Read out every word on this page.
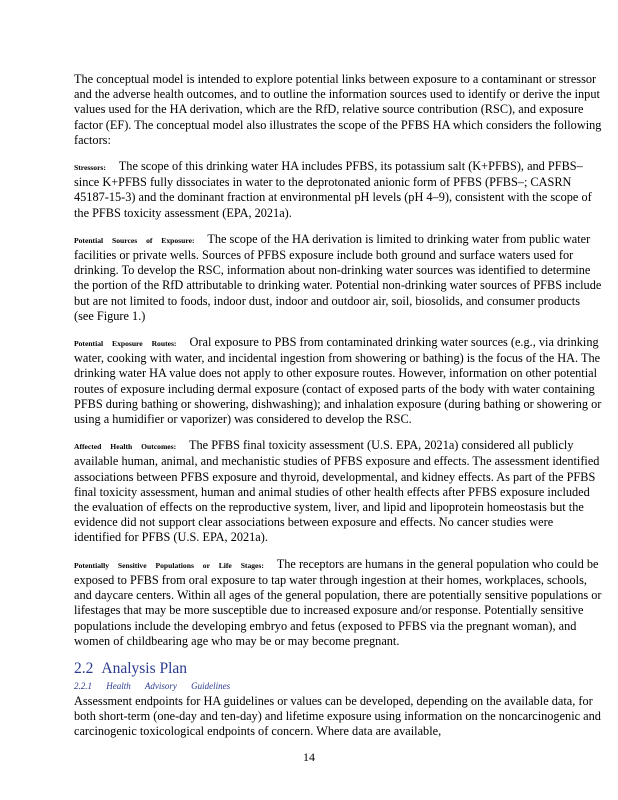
The conceptual model is intended to explore potential links between exposure to a contaminant or stressor and the adverse health outcomes, and to outline the information sources used to identify or derive the input values used for the HA derivation, which are the RfD, relative source contribution (RSC), and exposure factor (EF). The conceptual model also illustrates the scope of the PFBS HA which considers the following factors:

Stressors: The scope of this drinking water HA includes PFBS, its potassium salt (K+PFBS), and PFBS– since K+PFBS fully dissociates in water to the deprotonated anionic form of PFBS (PFBS–; CASRN 45187-15-3) and the dominant fraction at environmental pH levels (pH 4–9), consistent with the scope of the PFBS toxicity assessment (EPA, 2021a).

Potential Sources of Exposure: The scope of the HA derivation is limited to drinking water from public water facilities or private wells. Sources of PFBS exposure include both ground and surface waters used for drinking. To develop the RSC, information about non-drinking water sources was identified to determine the portion of the RfD attributable to drinking water. Potential non-drinking water sources of PFBS include but are not limited to foods, indoor dust, indoor and outdoor air, soil, biosolids, and consumer products (see Figure 1.)

Potential Exposure Routes: Oral exposure to PBS from contaminated drinking water sources (e.g., via drinking water, cooking with water, and incidental ingestion from showering or bathing) is the focus of the HA. The drinking water HA value does not apply to other exposure routes. However, information on other potential routes of exposure including dermal exposure (contact of exposed parts of the body with water containing PFBS during bathing or showering, dishwashing); and inhalation exposure (during bathing or showering or using a humidifier or vaporizer) was considered to develop the RSC.

Affected Health Outcomes: The PFBS final toxicity assessment (U.S. EPA, 2021a) considered all publicly available human, animal, and mechanistic studies of PFBS exposure and effects. The assessment identified associations between PFBS exposure and thyroid, developmental, and kidney effects. As part of the PFBS final toxicity assessment, human and animal studies of other health effects after PFBS exposure included the evaluation of effects on the reproductive system, liver, and lipid and lipoprotein homeostasis but the evidence did not support clear associations between exposure and effects. No cancer studies were identified for PFBS (U.S. EPA, 2021a).

Potentially Sensitive Populations or Life Stages: The receptors are humans in the general population who could be exposed to PFBS from oral exposure to tap water through ingestion at their homes, workplaces, schools, and daycare centers. Within all ages of the general population, there are potentially sensitive populations or lifestages that may be more susceptible due to increased exposure and/or response. Potentially sensitive populations include the developing embryo and fetus (exposed to PFBS via the pregnant woman), and women of childbearing age who may be or may become pregnant.

2.2 Analysis Plan
2.2.1 Health Advisory Guidelines

Assessment endpoints for HA guidelines or values can be developed, depending on the available data, for both short-term (one-day and ten-day) and lifetime exposure using information on the noncarcinogenic and carcinogenic toxicological endpoints of concern. Where data are available,

14
